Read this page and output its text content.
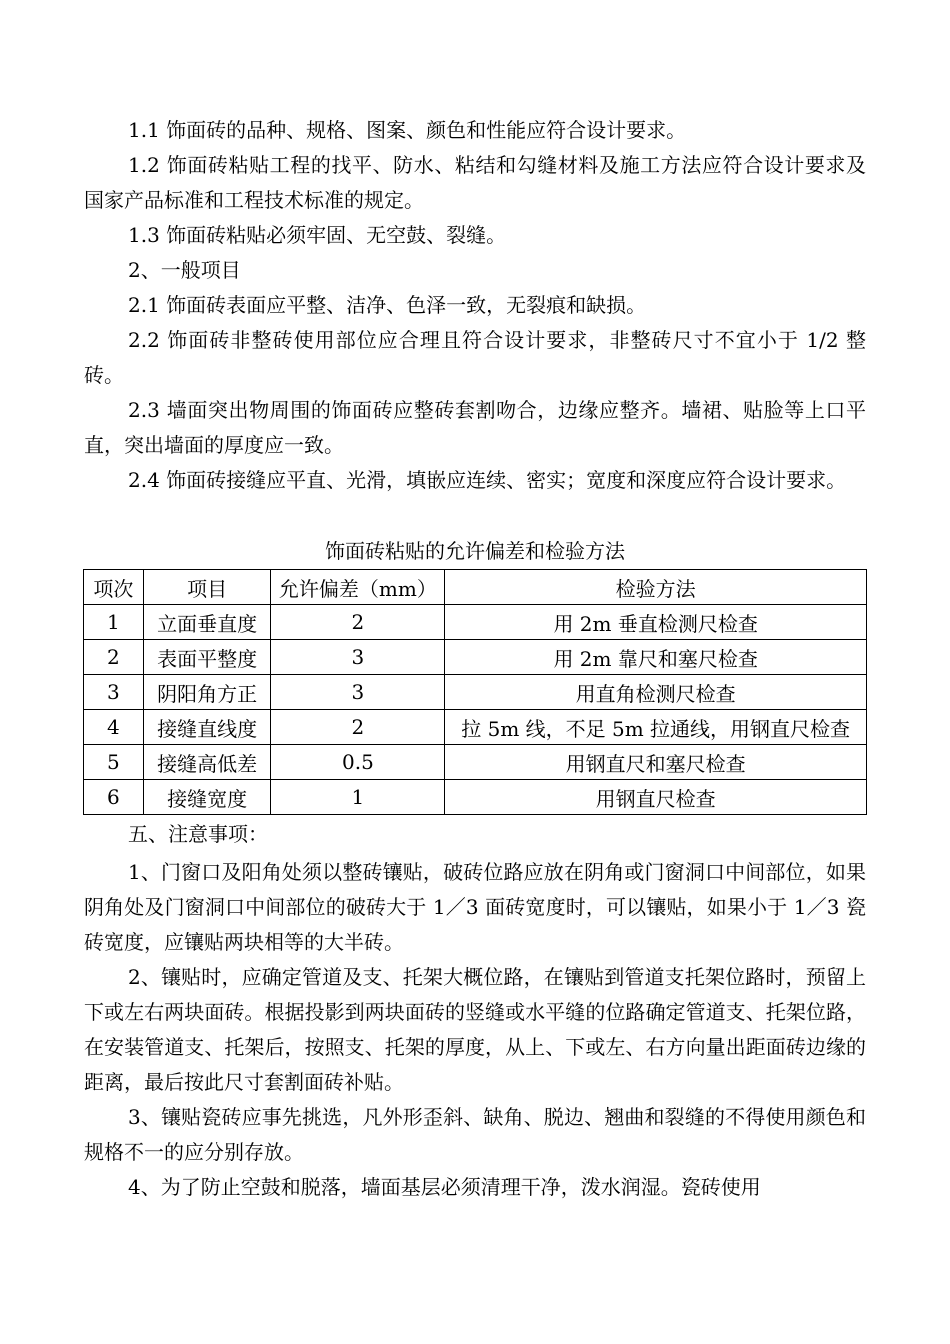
1.1 饰面砖的品种、规格、图案、颜色和性能应符合设计要求。

1.2 饰面砖粘贴工程的找平、防水、粘结和勾缝材料及施工方法应符合设计要求及国家产品标准和工程技术标准的规定。

1.3 饰面砖粘贴必须牢固、无空鼓、裂缝。

2、一般项目

2.1 饰面砖表面应平整、洁净、色泽一致，无裂痕和缺损。

2.2 饰面砖非整砖使用部位应合理且符合设计要求，非整砖尺寸不宜小于 1/2 整砖。

2.3 墙面突出物周围的饰面砖应整砖套割吻合，边缘应整齐。墙裙、贴脸等上口平直，突出墙面的厚度应一致。

2.4 饰面砖接缝应平直、光滑，填嵌应连续、密实；宽度和深度应符合设计要求。

饰面砖粘贴的允许偏差和检验方法

项次	项目	允许偏差（mm）	检验方法
1	立面垂直度	2	用 2m 垂直检测尺检查
2	表面平整度	3	用 2m 靠尺和塞尺检查
3	阴阳角方正	3	用直角检测尺检查
4	接缝直线度	2	拉 5m 线，不足 5m 拉通线，用钢直尺检查
5	接缝高低差	0.5	用钢直尺和塞尺检查
6	接缝宽度	1	用钢直尺检查

五、注意事项：

1、门窗口及阳角处须以整砖镶贴，破砖位路应放在阴角或门窗洞口中间部位，如果阴角处及门窗洞口中间部位的破砖大于 1／3 面砖宽度时，可以镶贴，如果小于 1／3 瓷砖宽度，应镶贴两块相等的大半砖。

2、镶贴时，应确定管道及支、托架大概位路，在镶贴到管道支托架位路时，预留上下或左右两块面砖。根据投影到两块面砖的竖缝或水平缝的位路确定管道支、托架位路，在安装管道支、托架后，按照支、托架的厚度，从上、下或左、右方向量出距面砖边缘的距离，最后按此尺寸套割面砖补贴。

3、镶贴瓷砖应事先挑选，凡外形歪斜、缺角、脱边、翘曲和裂缝的不得使用颜色和规格不一的应分别存放。

4、为了防止空鼓和脱落，墙面基层必须清理干净，泼水润湿。瓷砖使用
